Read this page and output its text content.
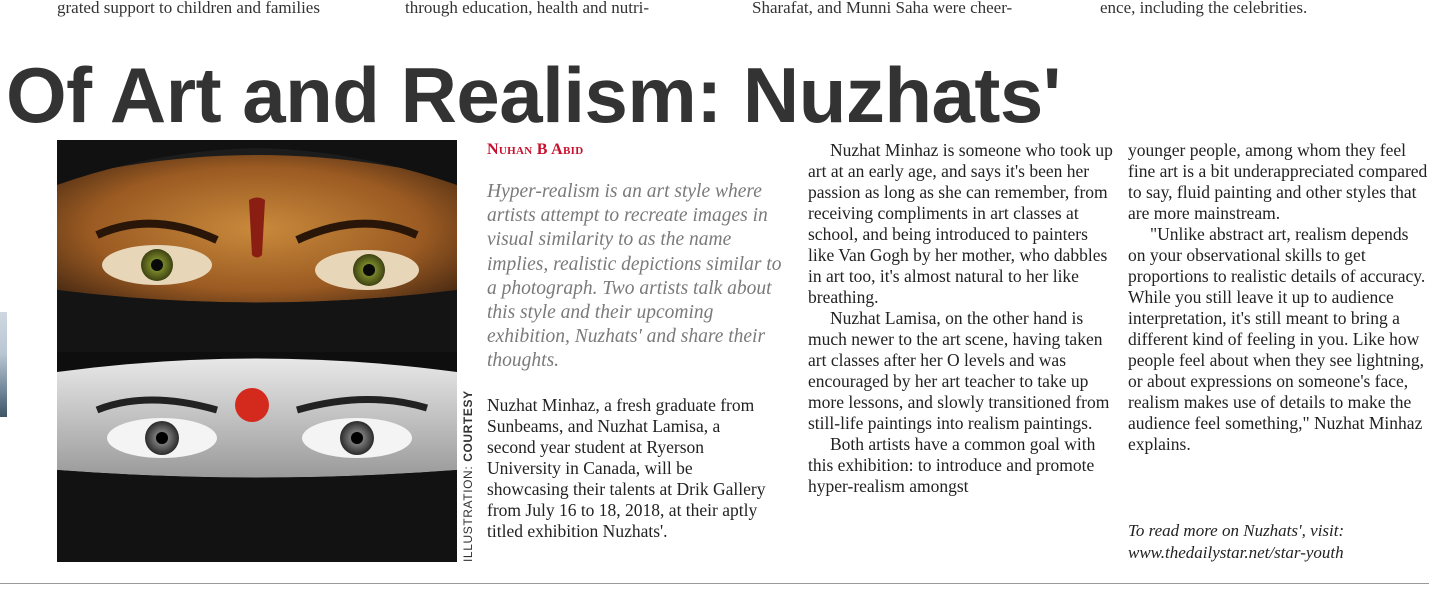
grated support to children and families	through education, health and nutri-	Sharafat, and Munni Saha were cheer-	ence, including the celebrities.
Of Art and Realism: Nuzhats'
ILLUSTRATION: COURTESY
Nuhan B Abid
Hyper-realism is an art style where artists attempt to recreate images in visual similarity to as the name implies, realistic depictions similar to a photograph. Two artists talk about this style and their upcoming exhibition, Nuzhats' and share their thoughts.

Nuzhat Minhaz, a fresh graduate from Sunbeams, and Nuzhat Lamisa, a second year student at Ryerson University in Canada, will be showcasing their talents at Drik Gallery from July 16 to 18, 2018, at their aptly titled exhibition Nuzhats'.

Nuzhat Minhaz is someone who took up art at an early age, and says it's been her passion as long as she can remember, from receiving compliments in art classes at school, and being introduced to painters like Van Gogh by her mother, who dabbles in art too, it's almost natural to her like breathing.

Nuzhat Lamisa, on the other hand is much newer to the art scene, having taken art classes after her O levels and was encouraged by her art teacher to take up more lessons, and slowly transitioned from still-life paintings into realism paintings.

Both artists have a common goal with this exhibition: to introduce and promote hyper-realism amongst

younger people, among whom they feel fine art is a bit underappreciated compared to say, fluid painting and other styles that are more mainstream.

"Unlike abstract art, realism depends on your observational skills to get proportions to realistic details of accuracy. While you still leave it up to audience interpretation, it's still meant to bring a different kind of feeling in you. Like how people feel about when they see lightning, or about expressions on someone's face, realism makes use of details to make the audience feel something," Nuzhat Minhaz explains.

To read more on Nuzhats', visit:
www.thedailystar.net/star-youth
